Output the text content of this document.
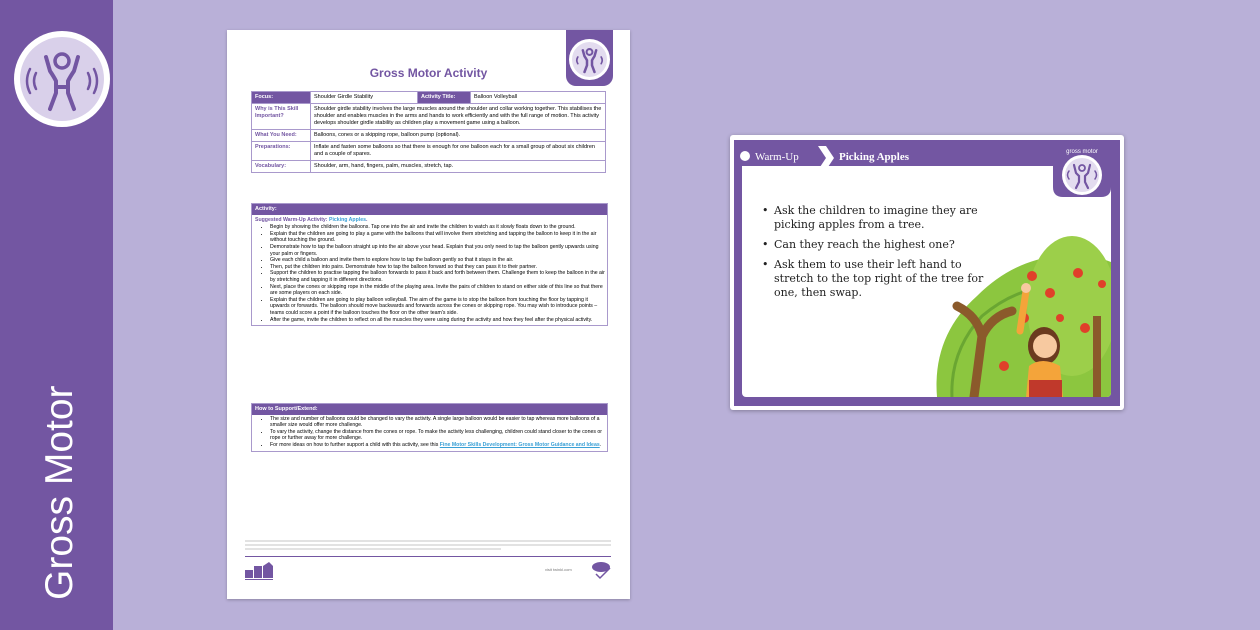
Gross Motor
Gross Motor Activity
Focus:	Shoulder Girdle Stability	Activity Title:	Balloon Volleyball
Why is This Skill Important?	Shoulder girdle stability involves the large muscles around the shoulder and collar working together. This stabilises the shoulder and enables muscles in the arms and hands to work efficiently and with the full range of motion. This activity develops shoulder girdle stability as children play a movement game using a balloon.		
What You Need:	Balloons, cones or a skipping rope, balloon pump (optional).		
Preparations:	Inflate and fasten some balloons so that there is enough for one balloon each for a small group of about six children and a couple of spares.		
Vocabulary:	Shoulder, arm, hand, fingers, palm, muscles, stretch, tap.		
Activity:
Suggested Warm-Up Activity: Picking Apples.
• Begin by showing the children the balloons. Tap one into the air and invite the children to watch as it slowly floats down to the ground.
• Explain that the children are going to play a game with the balloons that will involve them stretching and tapping the balloon to keep it in the air without touching the ground.
• Demonstrate how to tap the balloon straight up into the air above your head. Explain that you only need to tap the balloon gently upwards using your palm or fingers.
• Give each child a balloon and invite them to explore how to tap the balloon gently so that it stays in the air.
• Then, put the children into pairs. Demonstrate how to tap the balloon forward so that they can pass it to their partner.
• Support the children to practise tapping the balloon forwards to pass it back and forth between them. Challenge them to keep the balloon in the air by stretching and tapping it in different directions.
• Next, place the cones or skipping rope in the middle of the playing area. Invite the pairs of children to stand on either side of this line so that there are some players on each side.
• Explain that the children are going to play balloon volleyball. The aim of the game is to stop the balloon from touching the floor by tapping it upwards or forwards. The balloon should move backwards and forwards across the cones or skipping rope. You may wish to introduce points –teams could score a point if the balloon touches the floor on the other team's side.
• After the game, invite the children to reflect on all the muscles they were using during the activity and how they feel after the physical activity.
How to Support/Extend:
• The size and number of balloons could be changed to vary the activity. A single large balloon would be easier to tap whereas more balloons of a smaller size would offer more challenge.
• To vary the activity, change the distance from the cones or rope. To make the activity less challenging, children could stand closer to the cones or rope or further away for more challenge.
• For more ideas on how to further support a child with this activity, see this Fine Motor Skills Development: Gross Motor Guidance and Ideas.
visit twinkl.com
Warm-Up	Picking Apples
• Ask the children to imagine they are picking apples from a tree.
• Can they reach the highest one?
• Ask them to use their left hand to stretch to the top right of the tree for one, then swap.
gross motor
